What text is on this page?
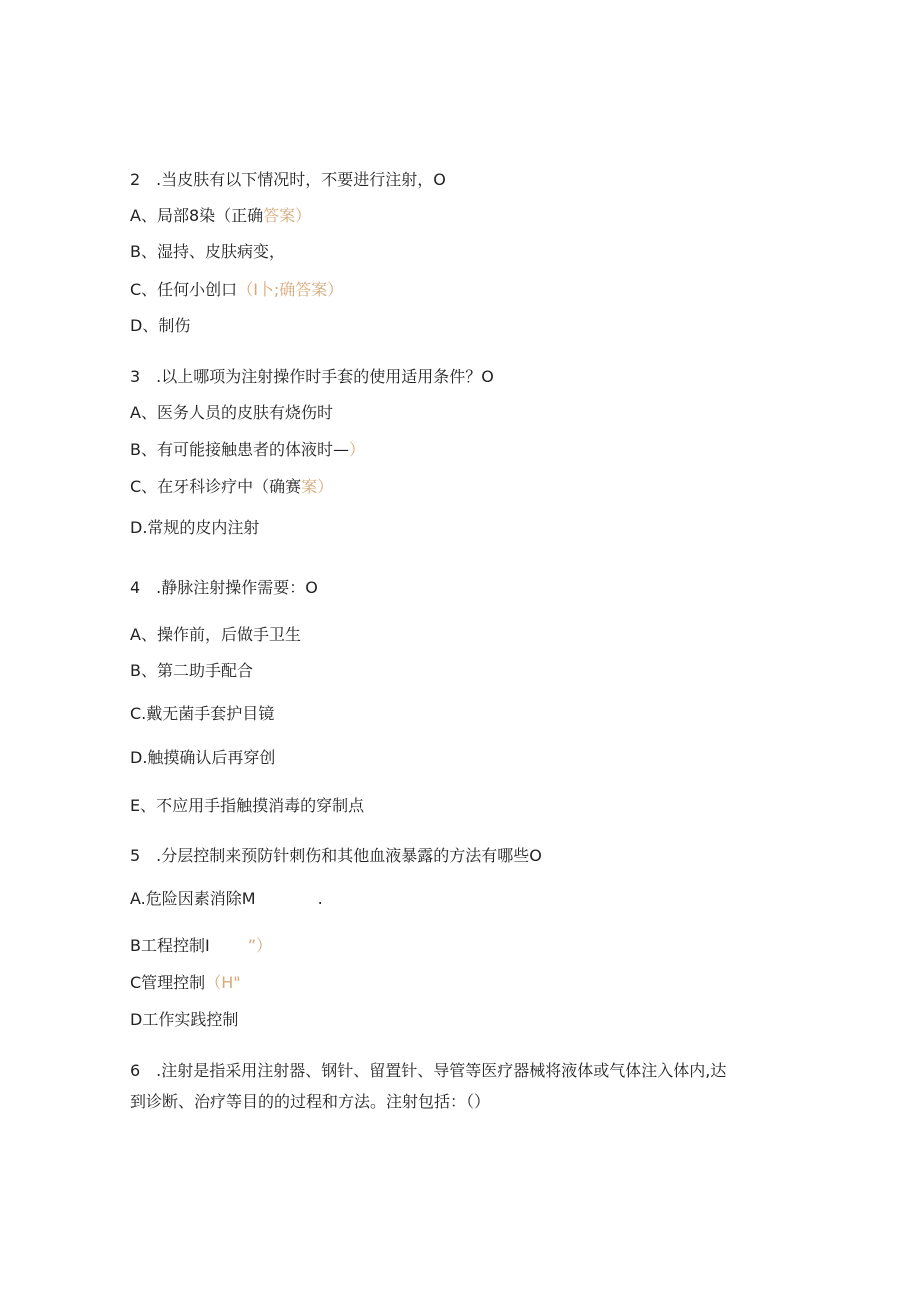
2　.当皮肤有以下情况时，不要进行注射，O
A、局部8染（正确答案）
B、湿持、皮肤病变，
C、任何小创口（I卜;确答案）
D、制伤
3　.以上哪项为注射操作时手套的使用适用条件？O
A、医务人员的皮肤有烧伤时
B、有可能接触患者的体液时—）
C、在牙科诊疗中（确赛案）
D.常规的皮内注射
4　.静脉注射操作需要：O
A、操作前，后做手卫生
B、第二助手配合
C.戴无菌手套护目镜
D.触摸确认后再穿创
E、不应用手指触摸消毒的穿制点
5　.分层控制来预防针刺伤和其他血液暴露的方法有哪些O
A.危险因素消除M	.
B工程控制I ”）
C管理控制（H"
D工作实践控制
6　.注射是指采用注射器、钢针、留置针、导管等医疗器械将液体或气体注入体内,达
到诊断、治疗等目的的过程和方法。注射包括：（）
